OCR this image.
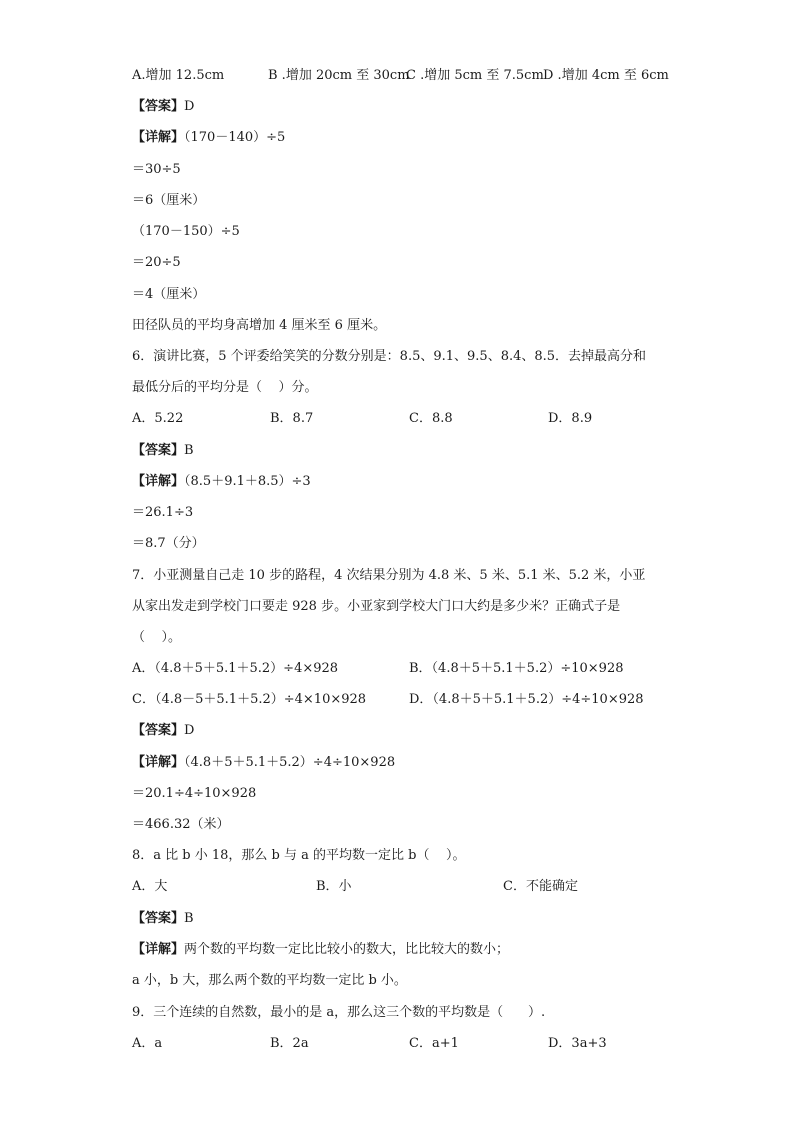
A.增加 12.5cm	B .增加 20cm 至 30cm
C .增加 5cm 至 7.5cm D .增加 4cm 至 6cm
【答案】D
【详解】（170－140）÷5
＝30÷5
＝6（厘米）
（170－150）÷5
＝20÷5
＝4（厘米）
田径队员的平均身高增加 4 厘米至 6 厘米。
6．演讲比赛，5 个评委给笑笑的分数分别是：8.5、9.1、9.5、8.4、8.5．去掉最高分和
最低分后的平均分是（    ）分。
A．5.22	B．8.7	C．8.8	D．8.9
【答案】B
【详解】（8.5＋9.1＋8.5）÷3
＝26.1÷3
＝8.7（分）
7．小亚测量自己走 10 步的路程，4 次结果分别为 4.8 米、5 米、5.1 米、5.2 米，小亚
从家出发走到学校门口要走 928 步。小亚家到学校大门口大约是多少米？正确式子是
（    ）。
A．（4.8＋5＋5.1＋5.2）÷4×928	B．（4.8＋5＋5.1＋5.2）÷10×928
C．（4.8－5＋5.1＋5.2）÷4×10×928	D．（4.8＋5＋5.1＋5.2）÷4÷10×928
【答案】D
【详解】（4.8＋5＋5.1＋5.2）÷4÷10×928
＝20.1÷4÷10×928
＝466.32（米）
8．a 比 b 小 18，那么 b 与 a 的平均数一定比 b（    ）。
A．大	B．小	C．不能确定
【答案】B
【详解】两个数的平均数一定比比较小的数大，比比较大的数小；
a 小，b 大，那么两个数的平均数一定比 b 小。
9．三个连续的自然数，最小的是 a，那么这三个数的平均数是（      ）.
A．a	B．2a	C．a+1	D．3a+3
